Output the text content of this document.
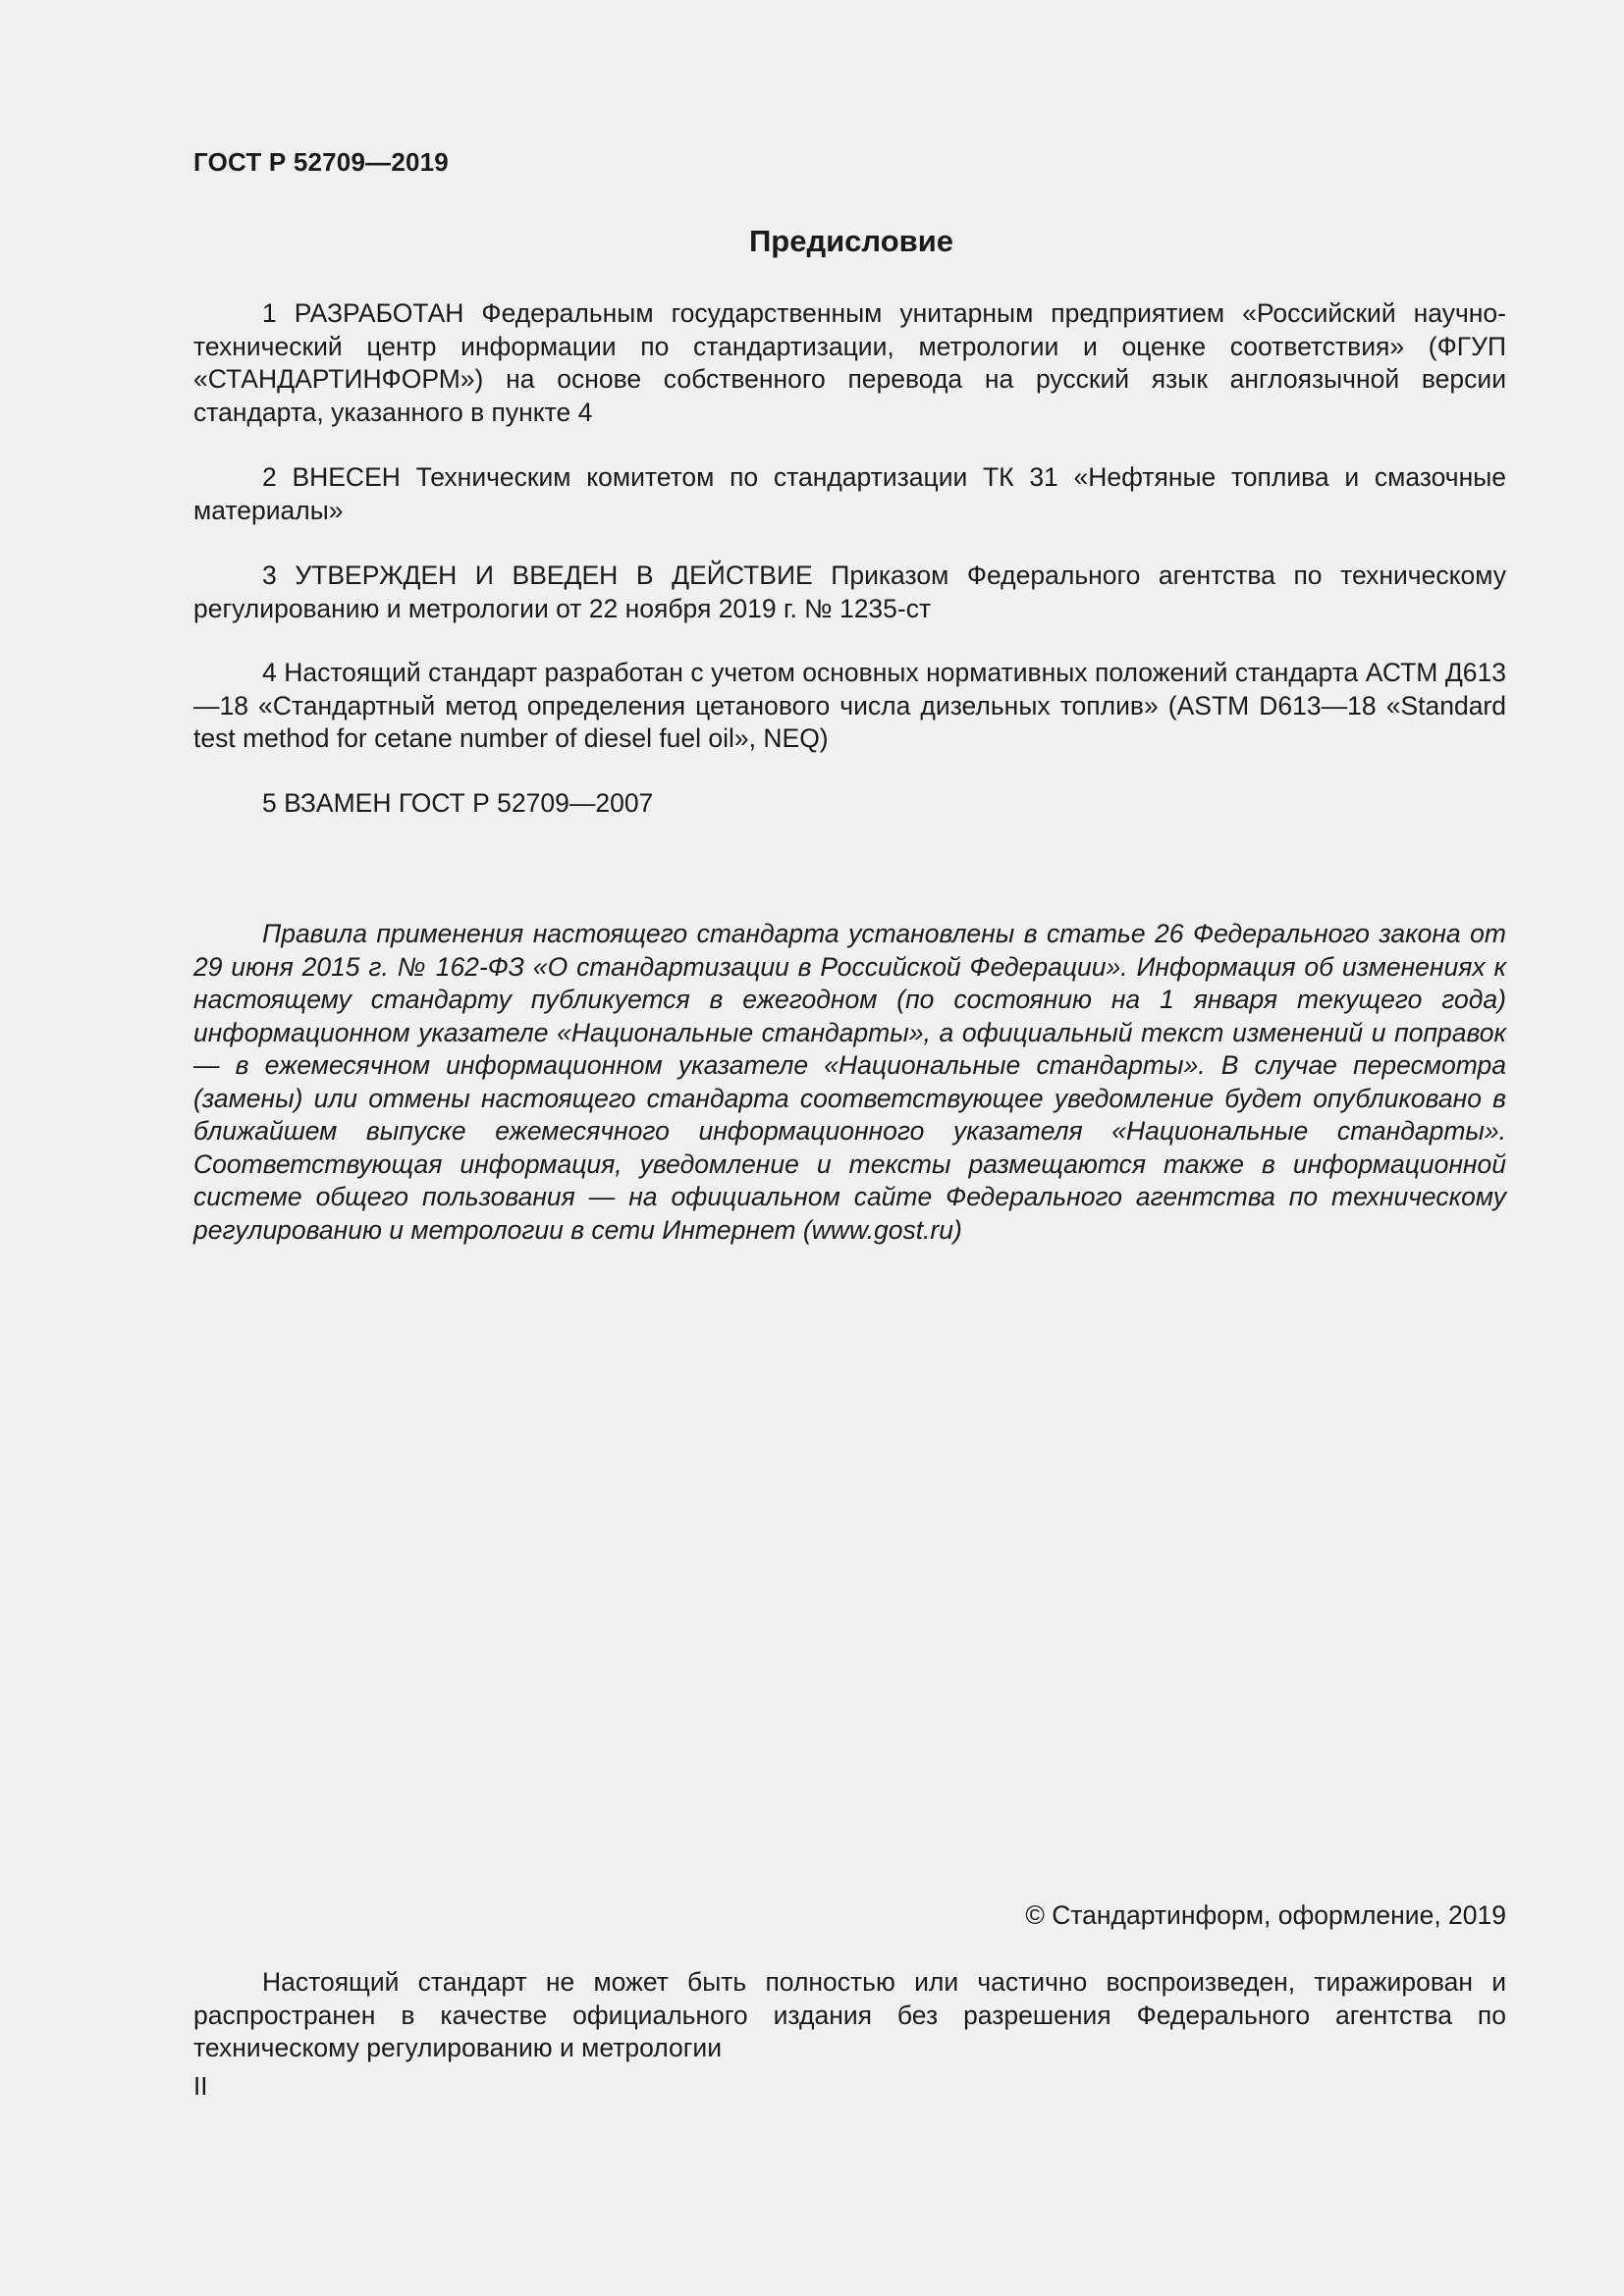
ГОСТ Р 52709—2019
Предисловие

1 РАЗРАБОТАН Федеральным государственным унитарным предприятием «Российский научно-технический центр информации по стандартизации, метрологии и оценке соответствия» (ФГУП «СТАНДАРТИНФОРМ») на основе собственного перевода на русский язык англоязычной версии стандарта, указанного в пункте 4

2 ВНЕСЕН Техническим комитетом по стандартизации ТК 31 «Нефтяные топлива и смазочные материалы»

3 УТВЕРЖДЕН И ВВЕДЕН В ДЕЙСТВИЕ Приказом Федерального агентства по техническому регулированию и метрологии от 22 ноября 2019 г. № 1235-ст

4 Настоящий стандарт разработан с учетом основных нормативных положений стандарта АСТМ Д613—18 «Стандартный метод определения цетанового числа дизельных топлив» (ASTM D613—18 «Standard test method for cetane number of diesel fuel oil», NEQ)

5 ВЗАМЕН ГОСТ Р 52709—2007

Правила применения настоящего стандарта установлены в статье 26 Федерального закона от 29 июня 2015 г. № 162-ФЗ «О стандартизации в Российской Федерации». Информация об изменениях к настоящему стандарту публикуется в ежегодном (по состоянию на 1 января текущего года) информационном указателе «Национальные стандарты», а официальный текст изменений и поправок — в ежемесячном информационном указателе «Национальные стандарты». В случае пересмотра (замены) или отмены настоящего стандарта соответствующее уведомление будет опубликовано в ближайшем выпуске ежемесячного информационного указателя «Национальные стандарты». Соответствующая информация, уведомление и тексты размещаются также в информационной системе общего пользования — на официальном сайте Федерального агентства по техническому регулированию и метрологии в сети Интернет (www.gost.ru)

© Стандартинформ, оформление, 2019

Настоящий стандарт не может быть полностью или частично воспроизведен, тиражирован и распространен в качестве официального издания без разрешения Федерального агентства по техническому регулированию и метрологии

II
